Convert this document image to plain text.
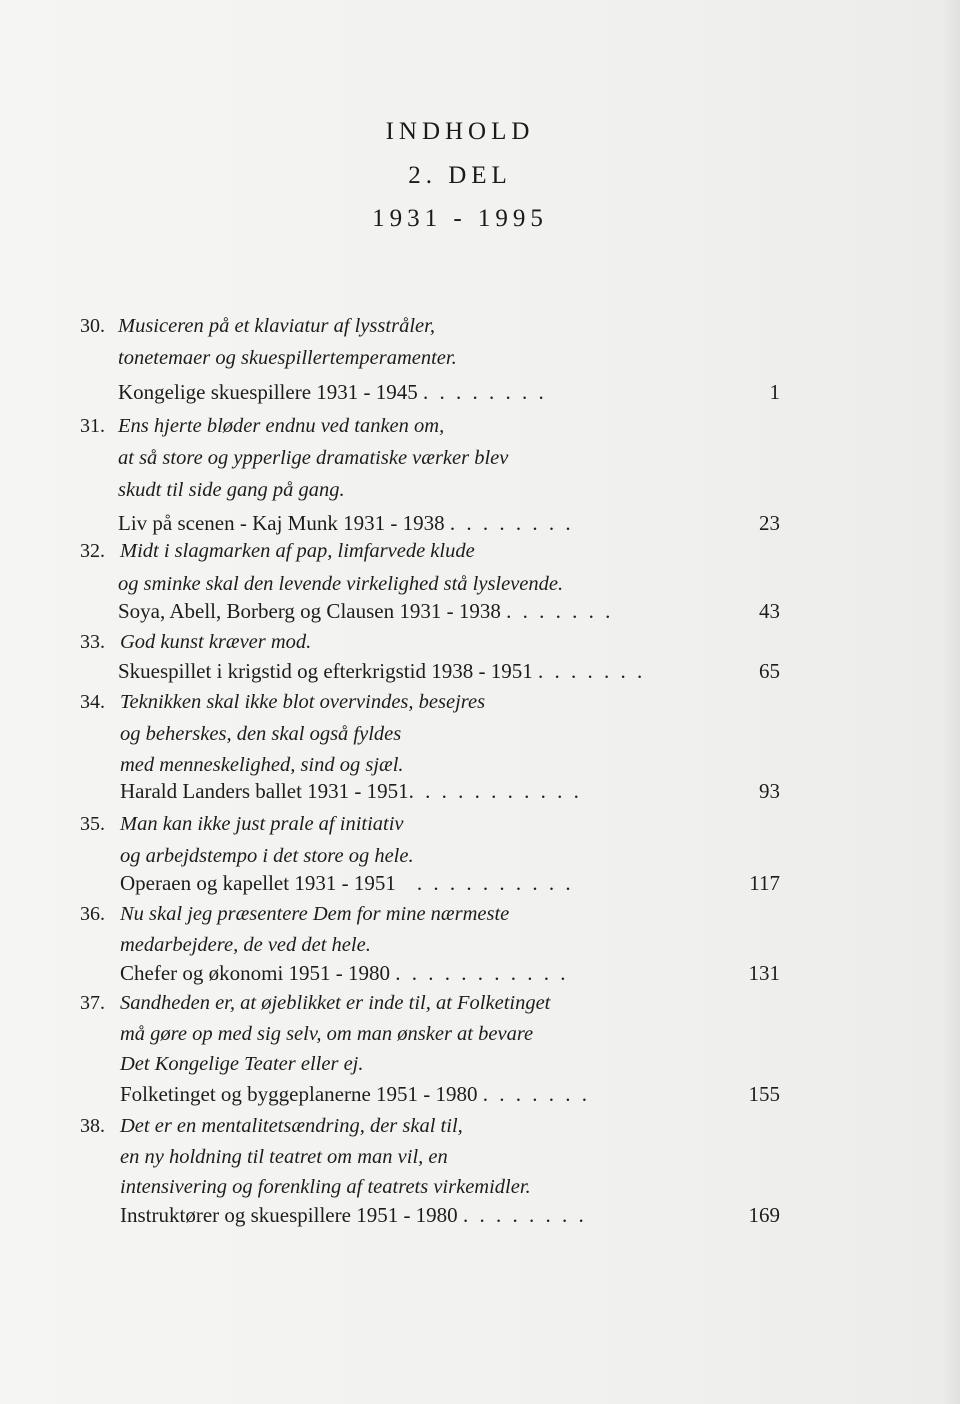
INDHOLD
2. DEL
1931 - 1995
30. Musiceren på et klaviatur af lysstråler,
tonetemaer og skuespillertemperamenter.
Kongelige skuespillere 1931 - 1945 . . . . . . . .	1
31. Ens hjerte bløder endnu ved tanken om,
at så store og ypperlige dramatiske værker blev
skudt til side gang på gang.
Liv på scenen - Kaj Munk 1931 - 1938 . . . . . . . .	23
32. Midt i slagmarken af pap, limfarvede klude
og sminke skal den levende virkelighed stå lyslevende.
Soya, Abell, Borberg og Clausen 1931 - 1938 . . . . . . .	43
33. God kunst kræver mod.
Skuespillet i krigstid og efterkrigstid 1938 - 1951 . . . . . . .	65
34. Teknikken skal ikke blot overvindes, besejres
og beherskes, den skal også fyldes
med menneskelighed, sind og sjæl.
Harald Landers ballet 1931 - 1951. . . . . . . . . . .	93
35. Man kan ikke just prale af initiativ
og arbejdstempo i det store og hele.
Operaen og kapellet 1931 - 1951 . . . . . . . . . .	117
36. Nu skal jeg præsentere Dem for mine nærmeste
medarbejdere, de ved det hele.
Chefer og økonomi 1951 - 1980 . . . . . . . . . . .	131
37. Sandheden er, at øjeblikket er inde til, at Folketinget
må gøre op med sig selv, om man ønsker at bevare
Det Kongelige Teater eller ej.
Folketinget og byggeplanerne 1951 - 1980 . . . . . . .	155
38. Det er en mentalitetsændring, der skal til,
en ny holdning til teatret om man vil, en
intensivering og forenkling af teatrets virkemidler.
Instruktører og skuespillere 1951 - 1980 . . . . . . . .	169
